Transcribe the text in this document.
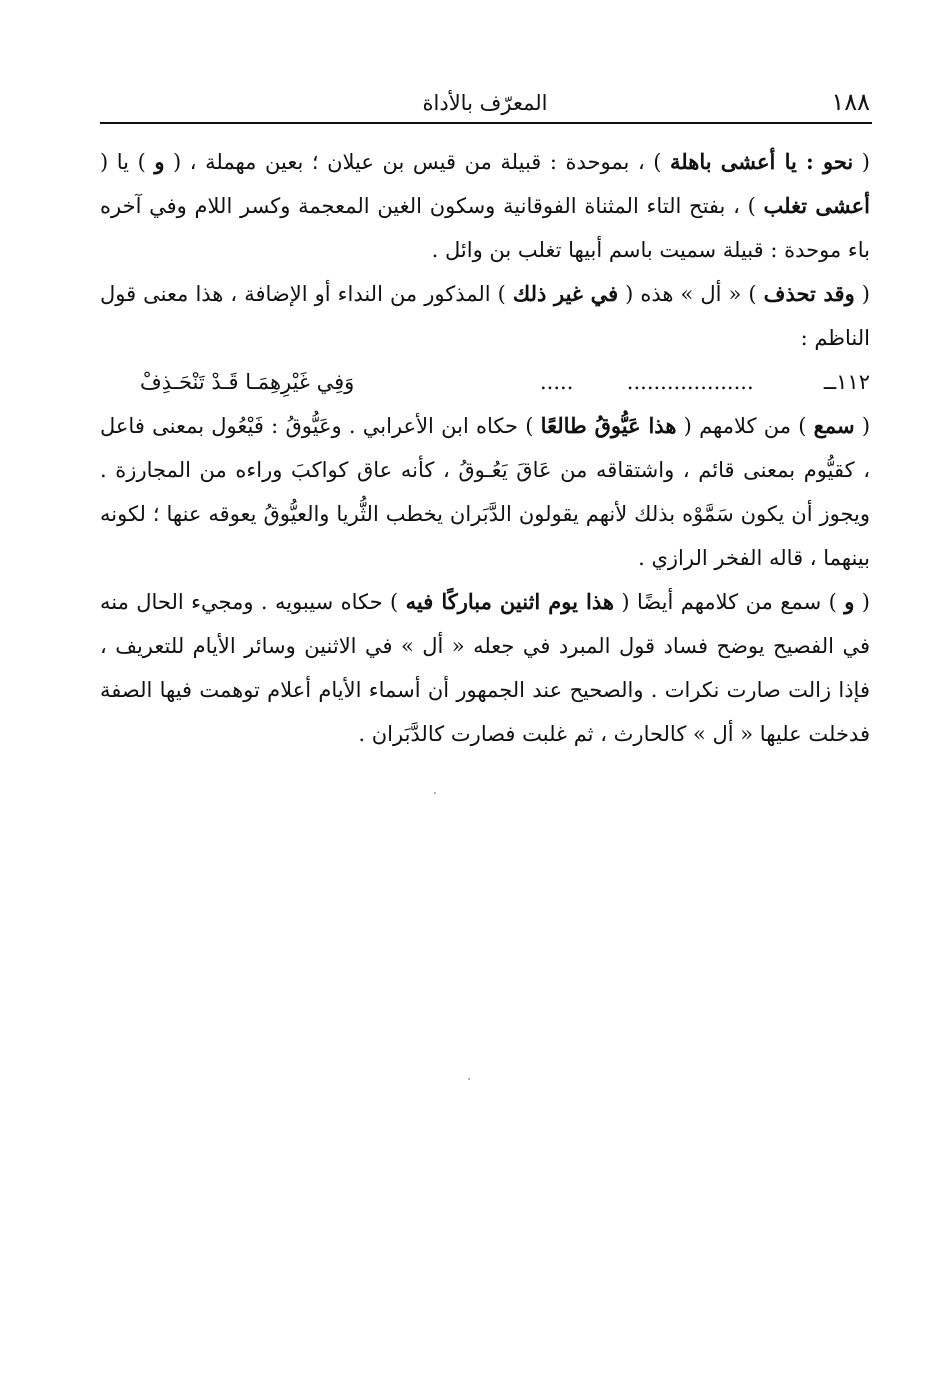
١٨٨
المعرّف بالأداة

( نحو : يا أعشى باهلة ) ، بموحدة : قبيلة من قيس بن عيلان ؛ بعين مهملة ، ( و ) يا ( أعشى تغلب ) ، بفتح التاء المثناة الفوقانية وسكون الغين المعجمة وكسر اللام وفي آخره باء موحدة : قبيلة سميت باسم أبيها تغلب بن وائل .

( وقد تحذف ) « أل » هذه ( في غير ذلك ) المذكور من النداء أو الإضافة ، هذا معنى قول الناظم :

١١٢ــ
...................        .....
وَفِي غَيْرِهِمَـا قَـدْ تَنْحَـذِفْ

( سمع ) من كلامهم ( هذا عَيُّوقُ طالعًا ) حكاه ابن الأعرابي . وعَيُّوقُ : فَيْعُول بمعنى فاعل ، كقيُّوم بمعنى قائم ، واشتقاقه من عَاقَ يَعُـوقُ ، كأنه عاق كواكبَ وراءه من المجارزة . ويجوز أن يكون سَمَّوْه بذلك لأنهم يقولون الدَّبَران يخطب الثُّريا والعيُّوقُ يعوقه عنها ؛ لكونه بينهما ، قاله الفخر الرازي .

( و ) سمع من كلامهم أيضًا ( هذا يوم اثنين مباركًا فيه ) حكاه سيبويه . ومجيء الحال منه في الفصيح يوضح فساد قول المبرد في جعله « أل » في الاثنين وسائر الأيام للتعريف ، فإذا زالت صارت نكرات . والصحيح عند الجمهور أن أسماء الأيام أعلام توهمت فيها الصفة فدخلت عليها « أل » كالحارث ، ثم غلبت فصارت كالدَّبَران .
